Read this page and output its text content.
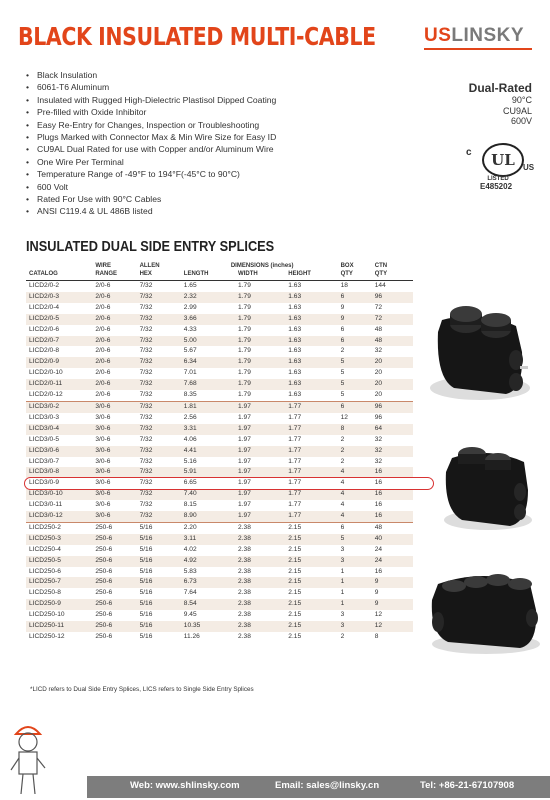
BLACK INSULATED MULTI-CABLE	USLINSKY
• Black Insulation
• 6061-T6 Aluminum
• Insulated with Rugged High-Dielectric Plastisol Dipped Coating
• Pre-filled with Oxide Inhibitor
• Easy Re-Entry for Changes, Inspection or Troubleshooting
• Plugs Marked with Connector Max & Min Wire Size for Easy ID
• CU9AL Dual Rated for use with Copper and/or Aluminum Wire
• One Wire Per Terminal
• Temperature Range of -49°F to 194°F(-45°C to 90°C)
• 600 Volt
• Rated For Use with 90°C Cables
• ANSI C119.4 & UL 486B listed
Dual-Rated
90°C
CU9AL
600V
c	UL	US
LISTED
E485202
INSULATED DUAL SIDE ENTRY SPLICES
	WIRE	ALLEN	DIMENSIONS (inches)			BOX	CTN
CATALOG	RANGE	HEX	LENGTH	WIDTH	HEIGHT	QTY	QTY
LICD2/0-2	2/0-6	7/32	1.65	1.79	1.63	18	144
LICD2/0-3	2/0-6	7/32	2.32	1.79	1.63	6	96
LICD2/0-4	2/0-6	7/32	2.99	1.79	1.63	9	72
LICD2/0-5	2/0-6	7/32	3.66	1.79	1.63	9	72
LICD2/0-6	2/0-6	7/32	4.33	1.79	1.63	6	48
LICD2/0-7	2/0-6	7/32	5.00	1.79	1.63	6	48
LICD2/0-8	2/0-6	7/32	5.67	1.79	1.63	2	32
LICD2/0-9	2/0-6	7/32	6.34	1.79	1.63	5	20
LICD2/0-10	2/0-6	7/32	7.01	1.79	1.63	5	20
LICD2/0-11	2/0-6	7/32	7.68	1.79	1.63	5	20
LICD2/0-12	2/0-6	7/32	8.35	1.79	1.63	5	20
LICD3/0-2	3/0-6	7/32	1.81	1.97	1.77	6	96
LICD3/0-3	3/0-6	7/32	2.56	1.97	1.77	12	96
LICD3/0-4	3/0-6	7/32	3.31	1.97	1.77	8	64
LICD3/0-5	3/0-6	7/32	4.06	1.97	1.77	2	32
LICD3/0-6	3/0-6	7/32	4.41	1.97	1.77	2	32
LICD3/0-7	3/0-6	7/32	5.16	1.97	1.77	2	32
LICD3/0-8	3/0-6	7/32	5.91	1.97	1.77	4	16
LICD3/0-9	3/0-6	7/32	6.65	1.97	1.77	4	16
LICD3/0-10	3/0-6	7/32	7.40	1.97	1.77	4	16
LICD3/0-11	3/0-6	7/32	8.15	1.97	1.77	4	16
LICD3/0-12	3/0-6	7/32	8.90	1.97	1.77	4	16
LICD250-2	250-6	5/16	2.20	2.38	2.15	6	48
LICD250-3	250-6	5/16	3.11	2.38	2.15	5	40
LICD250-4	250-6	5/16	4.02	2.38	2.15	3	24
LICD250-5	250-6	5/16	4.92	2.38	2.15	3	24
LICD250-6	250-6	5/16	5.83	2.38	2.15	1	16
LICD250-7	250-6	5/16	6.73	2.38	2.15	1	9
LICD250-8	250-6	5/16	7.64	2.38	2.15	1	9
LICD250-9	250-6	5/16	8.54	2.38	2.15	1	9
LICD250-10	250-6	5/16	9.45	2.38	2.15	3	12
LICD250-11	250-6	5/16	10.35	2.38	2.15	3	12
LICD250-12	250-6	5/16	11.26	2.38	2.15	2	8
*LICD refers to Dual Side Entry Splices, LICS refers to Single Side Entry Splices
Web: www.shlinsky.com	Email: sales@linsky.cn	Tel: +86-21-67107908
